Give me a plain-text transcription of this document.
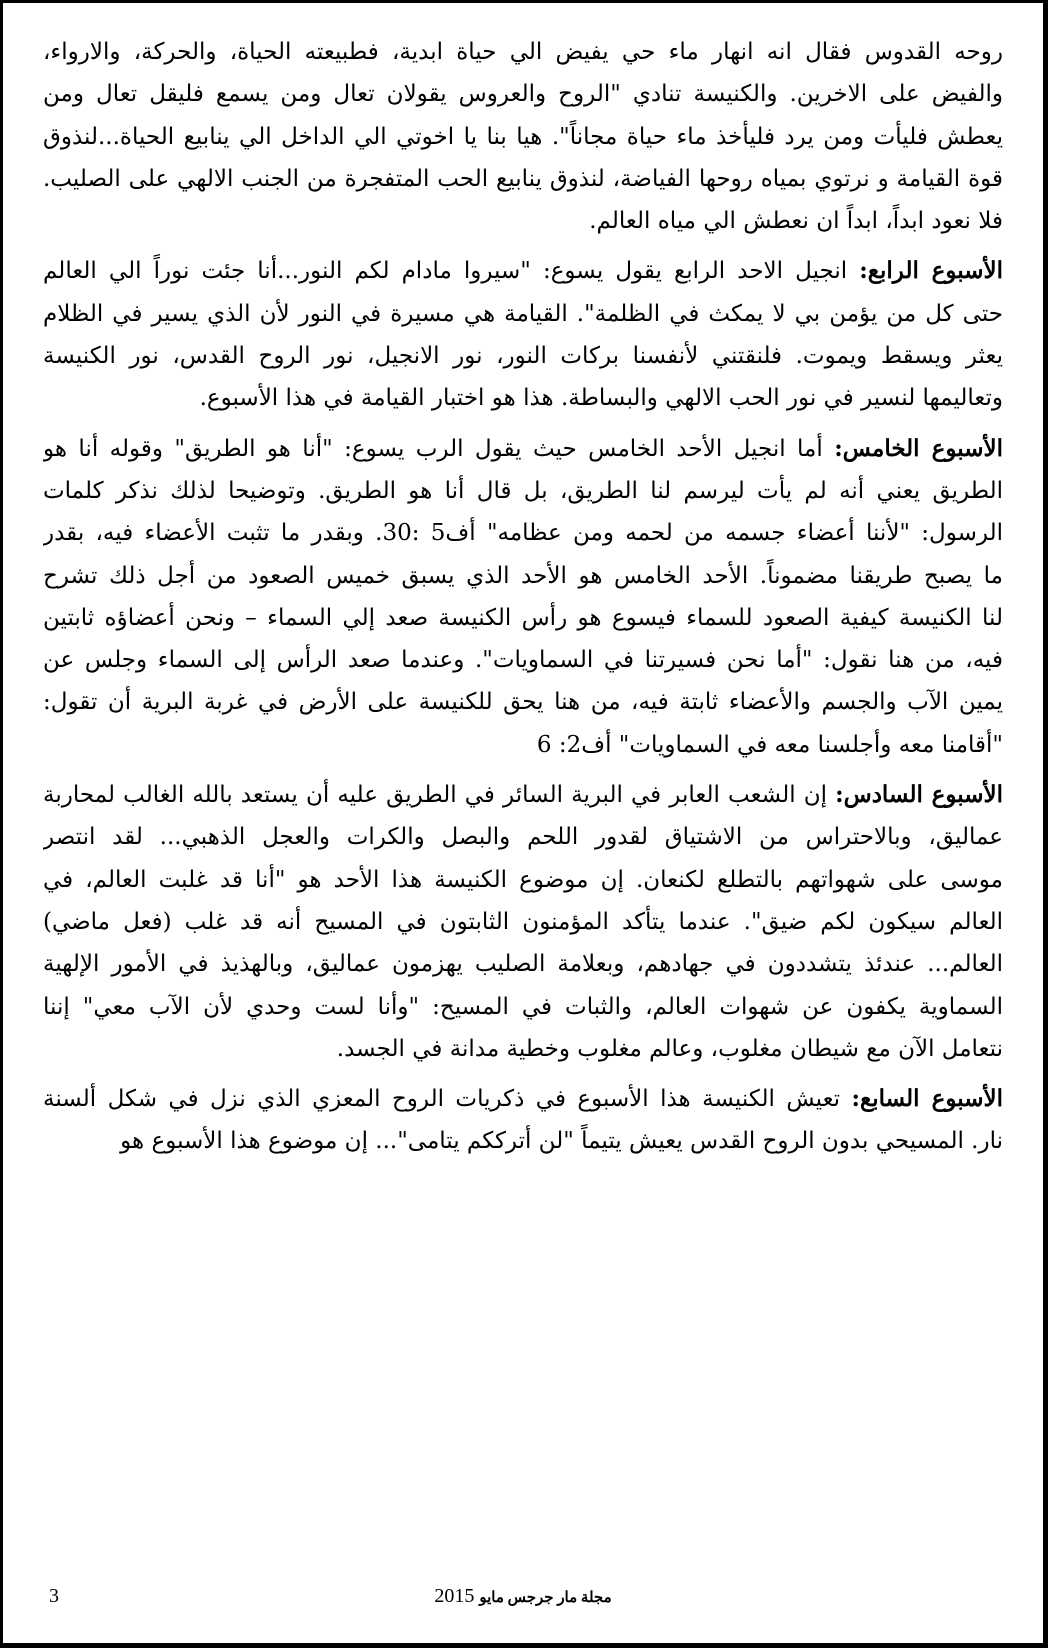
روحه القدوس فقال انه انهار ماء حي يفيض الي حياة ابدية، فطبيعته الحياة، والحركة، والارواء،
والفيض على الاخرين. والكنيسة تنادي "الروح والعروس يقولان تعال ومن يسمع فليقل تعال ومن
يعطش فليأت ومن يرد فليأخذ ماء حياة مجاناً". هيا بنا يا اخوتي الي الداخل الي ينابيع الحياة...لنذوق
قوة القيامة و نرتوي بمياه روحها الفياضة، لنذوق ينابيع الحب المتفجرة من الجنب الالهي على الصليب.
فلا نعود ابداً، ابداً ان نعطش الي مياه العالم.
الأسبوع الرابع: انجيل الاحد الرابع يقول يسوع: "سيروا مادام لكم النور...أنا جئت نوراً الي العالم
حتى كل من يؤمن بي لا يمكث في الظلمة". القيامة هي مسيرة في النور لأن الذي يسير في الظلام
يعثر ويسقط ويموت. فلنقتني لأنفسنا بركات النور، نور الانجيل، نور الروح القدس، نور الكنيسة
وتعاليمها لنسير في نور الحب الالهي والبساطة. هذا هو اختبار القيامة في هذا الأسبوع.
الأسبوع الخامس: أما انجيل الأحد الخامس حيث يقول الرب يسوع: "أنا هو الطريق" وقوله أنا هو
الطريق يعني أنه لم يأت ليرسم لنا الطريق، بل قال أنا هو الطريق. وتوضيحا لذلك نذكر كلمات
الرسول: "لأننا أعضاء جسمه من لحمه ومن عظامه" أف5 :30. وبقدر ما تثبت الأعضاء فيه، بقدر
ما يصبح طريقنا مضموناً. الأحد الخامس هو الأحد الذي يسبق خميس الصعود من أجل ذلك تشرح
لنا الكنيسة كيفية الصعود للسماء فيسوع هو رأس الكنيسة صعد إلي السماء – ونحن أعضاؤه ثابتين
فيه، من هنا نقول: "أما نحن فسيرتنا في السماويات". وعندما صعد الرأس إلى السماء وجلس عن
يمين الآب والجسم والأعضاء ثابتة فيه، من هنا يحق للكنيسة على الأرض في غربة البرية أن تقول:
"أقامنا معه وأجلسنا معه في السماويات" أف2: 6
الأسبوع السادس: إن الشعب العابر في البرية السائر في الطريق عليه أن يستعد بالله الغالب لمحاربة
عماليق، وبالاحتراس من الاشتياق لقدور اللحم والبصل والكرات والعجل الذهبي... لقد انتصر
موسى على شهواتهم بالتطلع لكنعان. إن موضوع الكنيسة هذا الأحد هو "أنا قد غلبت العالم، في
العالم سيكون لكم ضيق". عندما يتأكد المؤمنون الثابتون في المسيح أنه قد غلب (فعل ماضي)
العالم... عندئذ يتشددون في جهادهم، وبعلامة الصليب يهزمون عماليق، وبالهذيذ في الأمور الإلهية
السماوية يكفون عن شهوات العالم، والثبات في المسيح: "وأنا لست وحدي لأن الآب معي" إننا
نتعامل الآن مع شيطان مغلوب، وعالم مغلوب وخطية مدانة في الجسد.
الأسبوع السابع: تعيش الكنيسة هذا الأسبوع في ذكريات الروح المعزي الذي نزل في شكل ألسنة
نار. المسيحي بدون الروح القدس يعيش يتيماً "لن أترككم يتامى"... إن موضوع هذا الأسبوع هو
3	مجلة مار جرجس مايو 2015
